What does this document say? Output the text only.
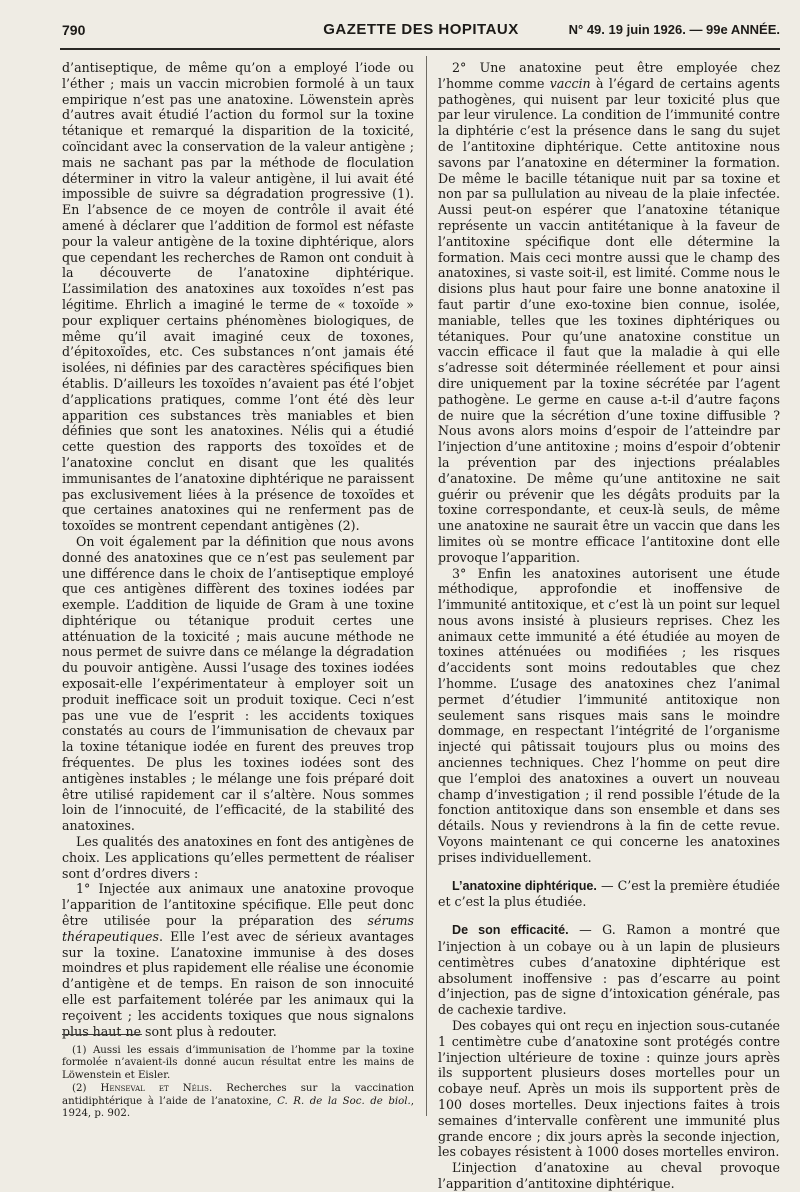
790	GAZETTE DES HOPITAUX	N° 49. 19 juin 1926. — 99e ANNÉE.

d’antiseptique, de même qu’on a employé l’iode ou l’éther ; mais un vaccin microbien formolé à un taux empirique n’est pas une anatoxine. Löwenstein après d’autres avait étudié l’action du formol sur la toxine tétanique et remarqué la disparition de la toxicité, coïncidant avec la conservation de la valeur antigène ; mais ne sachant pas par la méthode de floculation déterminer in vitro la valeur antigène, il lui avait été impossible de suivre sa dégradation progressive (1). En l’absence de ce moyen de contrôle il avait été amené à déclarer que l’addition de formol est néfaste pour la valeur antigène de la toxine diphtérique, alors que cependant les recherches de Ramon ont conduit à la découverte de l’anatoxine diphtérique. L’assimilation des anatoxines aux toxoïdes n’est pas légitime. Ehrlich a imaginé le terme de « toxoïde » pour expliquer certains phénomènes biologiques, de même qu’il avait imaginé ceux de toxones, d’épitoxoïdes, etc. Ces substances n’ont jamais été isolées, ni définies par des caractères spécifiques bien établis. D’ailleurs les toxoïdes n’avaient pas été l’objet d’applications pratiques, comme l’ont été dès leur apparition ces substances très maniables et bien définies que sont les anatoxines. Nélis qui a étudié cette question des rapports des toxoïdes et de l’anatoxine conclut en disant que les qualités immunisantes de l’anatoxine diphtérique ne paraissent pas exclusivement liées à la présence de toxoïdes et que certaines anatoxines qui ne renferment pas de toxoïdes se montrent cependant antigènes (2).

On voit également par la définition que nous avons donné des anatoxines que ce n’est pas seulement par une différence dans le choix de l’antiseptique employé que ces antigènes diffèrent des toxines iodées par exemple. L’addition de liquide de Gram à une toxine diphtérique ou tétanique produit certes une atténuation de la toxicité ; mais aucune méthode ne nous permet de suivre dans ce mélange la dégradation du pouvoir antigène. Aussi l’usage des toxines iodées exposait-elle l’expérimentateur à employer soit un produit inefficace soit un produit toxique. Ceci n’est pas une vue de l’esprit : les accidents toxiques constatés au cours de l’immunisation de chevaux par la toxine tétanique iodée en furent des preuves trop fréquentes. De plus les toxines iodées sont des antigènes instables ; le mélange une fois préparé doit être utilisé rapidement car il s’altère. Nous sommes loin de l’innocuité, de l’efficacité, de la stabilité des anatoxines.

Les qualités des anatoxines en font des antigènes de choix. Les applications qu’elles permettent de réaliser sont d’ordres divers :

1° Injectée aux animaux une anatoxine provoque l’apparition de l’antitoxine spécifique. Elle peut donc être utilisée pour la préparation des sérums thérapeutiques. Elle l’est avec de sérieux avantages sur la toxine. L’anatoxine immunise à des doses moindres et plus rapidement elle réalise une économie d’antigène et de temps. En raison de son innocuité elle est parfaitement tolérée par les animaux qui la reçoivent ; les accidents toxiques que nous signalons plus haut ne sont plus à redouter.

(1) Aussi les essais d’immunisation de l’homme par la toxine formolée n’avaient-ils donné aucun résultat entre les mains de Löwenstein et Eisler.

(2) Henseval et Nélis. Recherches sur la vaccination antidiphtérique à l’aide de l’anatoxine, C. R. de la Soc. de biol., 1924, p. 902.

2° Une anatoxine peut être employée chez l’homme comme vaccin à l’égard de certains agents pathogènes, qui nuisent par leur toxicité plus que par leur virulence. La condition de l’immunité contre la diphtérie c’est la présence dans le sang du sujet de l’antitoxine diphtérique. Cette antitoxine nous savons par l’anatoxine en déterminer la formation. De même le bacille tétanique nuit par sa toxine et non par sa pullulation au niveau de la plaie infectée. Aussi peut-on espérer que l’anatoxine tétanique représente un vaccin antitétanique à la faveur de l’antitoxine spécifique dont elle détermine la formation. Mais ceci montre aussi que le champ des anatoxines, si vaste soit-il, est limité. Comme nous le disions plus haut pour faire une bonne anatoxine il faut partir d’une exo-toxine bien connue, isolée, maniable, telles que les toxines diphtériques ou tétaniques. Pour qu’une anatoxine constitue un vaccin efficace il faut que la maladie à qui elle s’adresse soit déterminée réellement et pour ainsi dire uniquement par la toxine sécrétée par l’agent pathogène. Le germe en cause a-t-il d’autre façons de nuire que la sécrétion d’une toxine diffusible ? Nous avons alors moins d’espoir de l’atteindre par l’injection d’une antitoxine ; moins d’espoir d’obtenir la prévention par des injections préalables d’anatoxine. De même qu’une antitoxine ne sait guérir ou prévenir que les dégâts produits par la toxine correspondante, et ceux-là seuls, de même une anatoxine ne saurait être un vaccin que dans les limites où se montre efficace l’antitoxine dont elle provoque l’apparition.

3° Enfin les anatoxines autorisent une étude méthodique, approfondie et inoffensive de l’immunité antitoxique, et c’est là un point sur lequel nous avons insisté à plusieurs reprises. Chez les animaux cette immunité a été étudiée au moyen de toxines atténuées ou modifiées ; les risques d’accidents sont moins redoutables que chez l’homme. L’usage des anatoxines chez l’animal permet d’étudier l’immunité antitoxique non seulement sans risques mais sans le moindre dommage, en respectant l’intégrité de l’organisme injecté qui pâtissait toujours plus ou moins des anciennes techniques. Chez l’homme on peut dire que l’emploi des anatoxines a ouvert un nouveau champ d’investigation ; il rend possible l’étude de la fonction antitoxique dans son ensemble et dans ses détails. Nous y reviendrons à la fin de cette revue. Voyons maintenant ce qui concerne les anatoxines prises individuellement.

L’anatoxine diphtérique. — C’est la première étudiée et c’est la plus étudiée.

De son efficacité. — G. Ramon a montré que l’injection à un cobaye ou à un lapin de plusieurs centimètres cubes d’anatoxine diphtérique est absolument inoffensive : pas d’escarre au point d’injection, pas de signe d’intoxication générale, pas de cachexie tardive.

Des cobayes qui ont reçu en injection sous-cutanée 1 centimètre cube d’anatoxine sont protégés contre l’injection ultérieure de toxine : quinze jours après ils supportent plusieurs doses mortelles pour un cobaye neuf. Après un mois ils supportent près de 100 doses mortelles. Deux injections faites à trois semaines d’intervalle confèrent une immunité plus grande encore ; dix jours après la seconde injection, les cobayes résistent à 1000 doses mortelles environ.

L’injection d’anatoxine au cheval provoque l’apparition d’antitoxine diphtérique.
